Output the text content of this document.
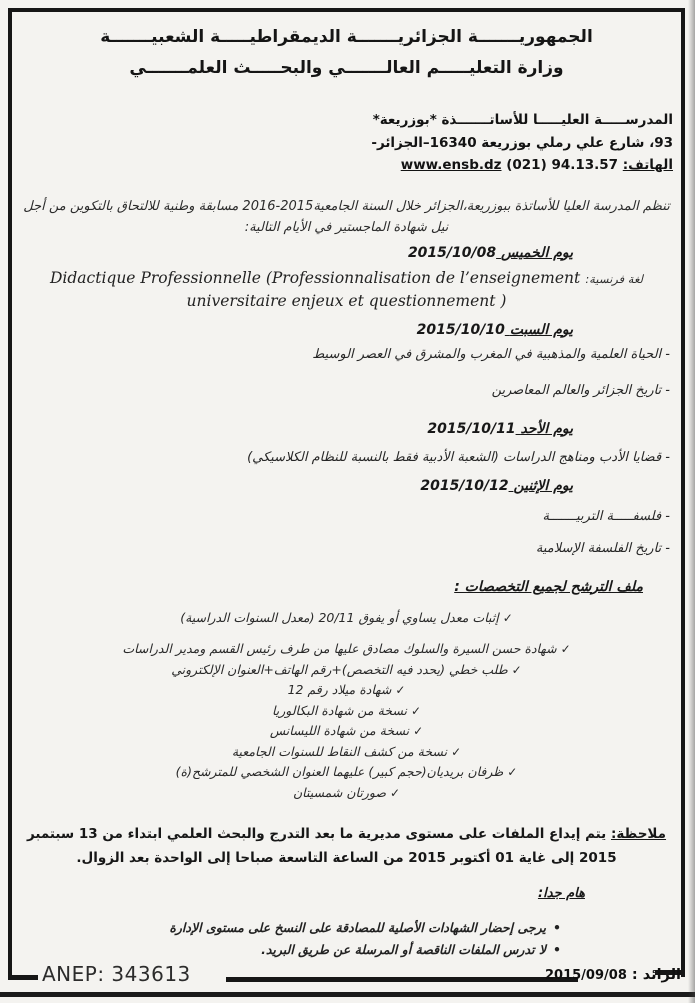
الجمهوريـــــــة الجزائريـــــــة الديمقراطيـــــة الشعبيـــــــة
وزارة التعليـــــم العالـــــــي والبحـــــث العلمـــــــي
المدرســـــة العليـــــا للأساتـــــــذة *بوزريعة*
93، شارع علي رملي بوزريعة 16340–الجزائر-
الهاتف: (021) 94.13.57 www.ensb.dz

تنظم المدرسة العليا للأساتذة ببوزريعة،الجزائر خلال السنة الجامعية2015-2016 مسابقة وطنية للالتحاق بالتكوين من أجل نيل شهادة الماجستير في الأيام التالية:

يوم الخميس 2015/10/08
لغة فرنسية: Didactique Professionnelle (Professionnalisation de l’enseignement universitaire enjeux et questionnement )
يوم السبت 2015/10/10
- الحياة العلمية والمذهبية في المغرب والمشرق في العصر الوسيط
- تاريخ الجزائر والعالم المعاصرين
يوم الأحد 2015/10/11
- قضايا الأدب ومناهج الدراسات (الشعبة الأدبية فقط بالنسبة للنظام الكلاسيكي)
يوم الإثنين 2015/10/12
- فلسفـــــة التربيـــــــة
- تاريخ الفلسفة الإسلامية
ملف الترشح لجميع التخصصات :
✓إثبات معدل يساوي أو يفوق 20/11 (معدل السنوات الدراسية)
✓شهادة حسن السيرة والسلوك مصادق عليها من طرف رئيس القسم ومدير الدراسات
✓طلب خطي (يحدد فيه التخصص)+رقم الهاتف+العنوان الإلكتروني
✓شهادة ميلاد رقم 12
✓نسخة من شهادة البكالوريا
✓نسخة من شهادة الليسانس
✓نسخة من كشف النقاط للسنوات الجامعية
✓ظرفان بريديان(حجم كبير) عليهما العنوان الشخصي للمترشح(ة)
✓صورتان شمسيتان

ملاحظة: يتم إيداع الملفات على مستوى مديرية ما بعد التدرج والبحث العلمي ابتداء من 13 سبتمبر 2015 إلى غاية 01 أكتوبر 2015 من الساعة التاسعة صباحا إلى الواحدة بعد الزوال.

هام جدا:
•يرجى إحضار الشهادات الأصلية للمصادقة على النسخ على مستوى الإدارة
•لا تدرس الملفات الناقصة أو المرسلة عن طريق البريد.
ANEP: 343613	الرائد : 2015/09/08
